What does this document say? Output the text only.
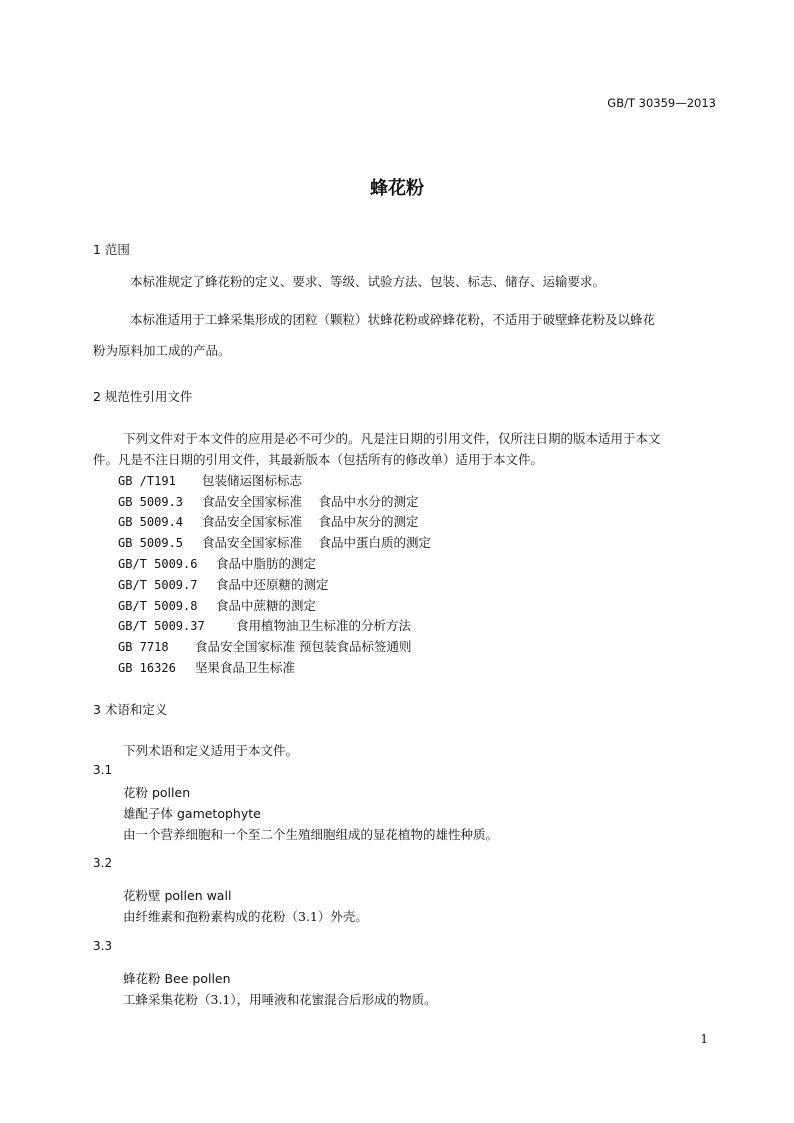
GB/T 30359—2013
蜂花粉
1 范围
本标准规定了蜂花粉的定义、要求、等级、试验方法、包装、标志、储存、运输要求。
本标准适用于工蜂采集形成的团粒（颗粒）状蜂花粉或碎蜂花粉，不适用于破壁蜂花粉及以蜂花
粉为原料加工成的产品。
2 规范性引用文件
下列文件对于本文件的应用是必不可少的。凡是注日期的引用文件，仅所注日期的版本适用于本文
件。凡是不注日期的引用文件，其最新版本（包括所有的修改单）适用于本文件。
GB /T191 包装储运图标标志
GB 5009.3 食品安全国家标准　 食品中水分的测定
GB 5009.4 食品安全国家标准　 食品中灰分的测定
GB 5009.5 食品安全国家标准　 食品中蛋白质的测定
GB/T 5009.6 食品中脂肪的测定
GB/T 5009.7 食品中还原糖的测定
GB/T 5009.8 食品中蔗糖的测定
GB/T 5009.37	食用植物油卫生标准的分析方法
GB 7718 食品安全国家标准 预包装食品标签通则
GB 16326 坚果食品卫生标准
3 术语和定义
下列术语和定义适用于本文件。
3.1
花粉 pollen
雄配子体 gametophyte
由一个营养细胞和一个至二个生殖细胞组成的显花植物的雄性种质。
3.2
花粉壁 pollen wall
由纤维素和孢粉素构成的花粉（3.1）外壳。
3.3
蜂花粉 Bee pollen
工蜂采集花粉（3.1），用唾液和花蜜混合后形成的物质。
1
